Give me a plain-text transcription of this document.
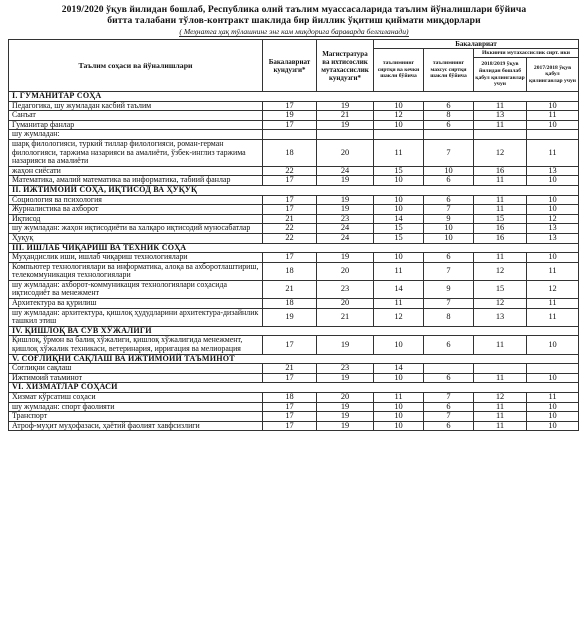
2019/2020 ўқув йилидан бошлаб, Республика олий таълим муассасаларида таълим йўналишлари бўйича
битта талабани тўлов-контракт шаклида бир йиллик ўқитиш қиймати миқдорлари
( Меҳнатга ҳақ тўлашнинг энг кам миқдорига бараварда белгиланади)
Таълим соҳаси ва йўналишлари	Бакалавриат кундузги*	Магистратура ва ихтисослик мутахассислик кундузги*	Бакалавриат			
			таълимнинг сиртқи ва кечки шакли бўйича	таълимнинг махсус сиртқи шакли бўйича	Иккинчи мутахассислик сирт. ики	
					2018/2019 ўқув йилидан бошлаб қабул қилинганлар учун	2017/2018 ўқув қабул қилинганлар учун
I. ГУМАНИТАР СОҲА						
Педагогика, шу жумладан касбий таълим	17	19	10	6	11	10
Санъат	19	21	12	8	13	11
Гуманитар фанлар	17	19	10	6	11	10
шу жумладан:						
шарқ филологияси, туркий тиллар филологияси, роман-герман филологияси, таржима назарияси ва амалиёти, ўзбек-инглиз таржима назарияси ва амалиёти	18	20	11	7	12	11
жаҳон сиёсати	22	24	15	10	16	13
Математика, амалий математика ва информатика, табиий фанлар	17	19	10	6	11	10
II. ИЖТИМОИЙ СОҲА, ИҚТИСОД ВА ҲУҚУҚ						
Социология ва психология	17	19	10	6	11	10
Журналистика ва ахборот	17	19	10	7	11	10
Иқтисод	21	23	14	9	15	12
шу жумладан: жаҳон иқтисодиёти ва халқаро иқтисодий муносабатлар	22	24	15	10	16	13
Ҳуқуқ	22	24	15	10	16	13
III. ИШЛАБ ЧИҚАРИШ ВА ТЕХНИК СОҲА						
Муҳандислик иши, ишлаб чиқариш технологиялари	17	19	10	6	11	10
Компьютер технологиялари ва информатика, алоқа ва ахборотлаштириш, телекоммуникация технологиялари	18	20	11	7	12	11
шу жумладан: ахборот-коммуникация технологиялари соҳасида иқтисодиёт ва менежмент	21	23	14	9	15	12
Архитектура ва қурилиш	18	20	11	7	12	11
шу жумладан: архитектура, қишлоқ ҳудудларини архитектура-дизайнлик ташкил этиш	19	21	12	8	13	11
IV. ҚИШЛОҚ ВА СУВ ХЎЖАЛИГИ						
Қишлоқ, ўрмон ва балиқ хўжалиги, қишлоқ хўжалигида менежмент, қишлоқ хўжалик техникаси, ветеринария, ирригация ва мелиорация	17	19	10	6	11	10
V. СОҒЛИҚНИ САҚЛАШ ВА ИЖТИМОИЙ ТАЪМИНОТ						
Соғлиқни сақлаш	21	23	14			
Ижтимоий таъминот	17	19	10	6	11	10
VI. ХИЗМАТЛАР СОҲАСИ						
Хизмат кўрсатиш соҳаси	18	20	11	7	12	11
шу жумладан: спорт фаолияти	17	19	10	6	11	10
Транспорт	17	19	10	7	11	10
Атроф-муҳит муҳофазаси, ҳаётий фаолият хавфсизлиги	17	19	10	6	11	10
